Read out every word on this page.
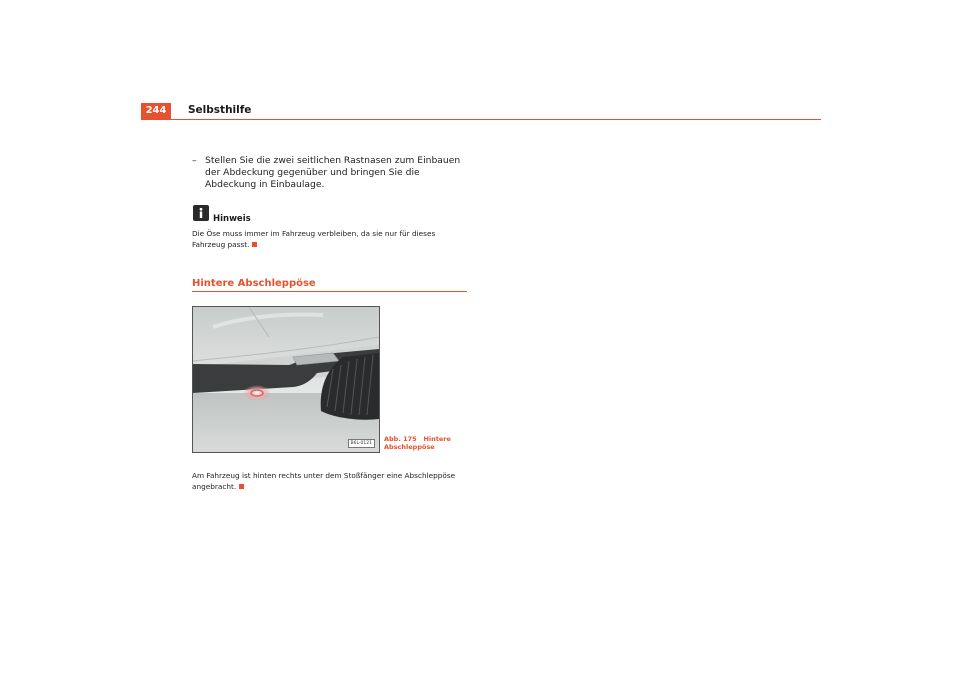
244	Selbsthilfe
– Stellen Sie die zwei seitlichen Rastnasen zum Einbauen der Abdeckung gegenüber und bringen Sie die Abdeckung in Einbaulage.
Hinweis
Die Öse muss immer im Fahrzeug verbleiben, da sie nur für dieses Fahrzeug passt.
Hintere Abschleppöse
B6L-0121
Abb. 175 Hintere Abschleppöse
Am Fahrzeug ist hinten rechts unter dem Stoßfänger eine Abschleppöse angebracht.
